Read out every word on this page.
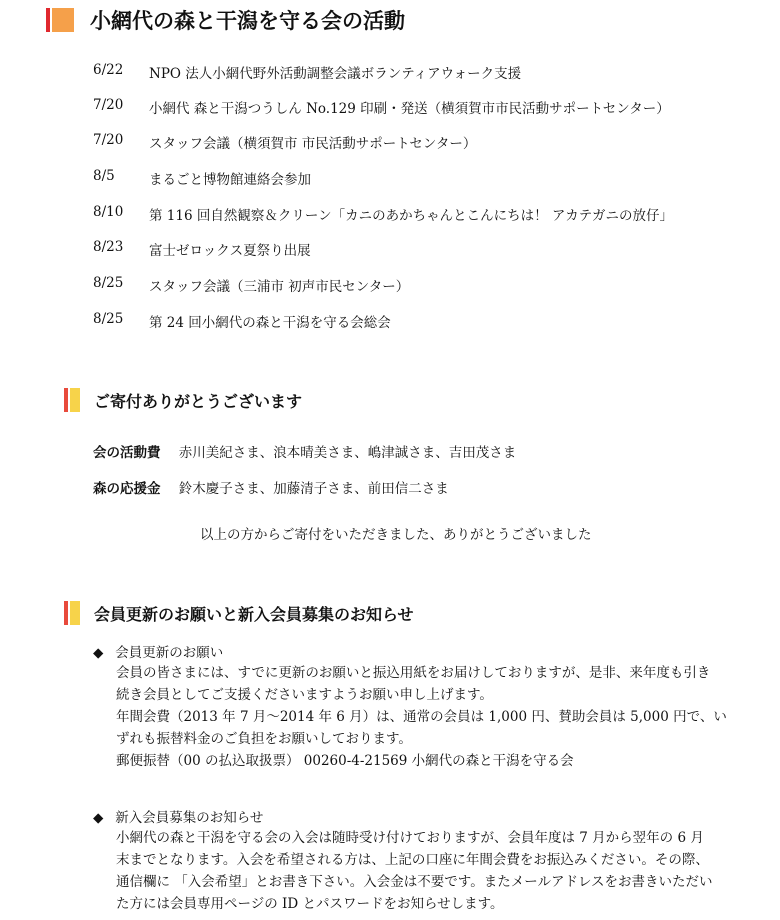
小網代の森と干潟を守る会の活動
6/22	NPO 法人小網代野外活動調整会議ボランティアウォーク支援
7/20	小網代 森と干潟つうしん No.129 印刷・発送（横須賀市市民活動サポートセンター）
7/20	スタッフ会議（横須賀市 市民活動サポートセンター）
8/5	まるごと博物館連絡会参加
8/10	第 116 回自然観察＆クリーン「カニのあかちゃんとこんにちは！ アカテガニの放仔」
8/23	富士ゼロックス夏祭り出展
8/25	スタッフ会議（三浦市 初声市民センター）
8/25	第 24 回小網代の森と干潟を守る会総会
ご寄付ありがとうございます
会の活動費 赤川美紀さま、浪本晴美さま、嶋津誠さま、吉田茂さま
森の応援金 鈴木慶子さま、加藤清子さま、前田信二さま
以上の方からご寄付をいただきました、ありがとうございました
会員更新のお願いと新入会員募集のお知らせ
◆ 会員更新のお願い

会員の皆さまには、すでに更新のお願いと振込用紙をお届けしておりますが、是非、来年度も引き

続き会員としてご支援くださいますようお願い申し上げます。

年間会費（2013 年 7 月～2014 年 6 月）は、通常の会員は 1,000 円、賛助会員は 5,000 円で、い

ずれも振替料金のご負担をお願いしております。

郵便振替（00 の払込取扱票） 00260-4-21569 小網代の森と干潟を守る会

◆ 新入会員募集のお知らせ

小網代の森と干潟を守る会の入会は随時受け付けておりますが、会員年度は 7 月から翌年の 6 月

末までとなります。入会を希望される方は、上記の口座に年間会費をお振込みください。その際、

通信欄に 「入会希望」とお書き下さい。入会金は不要です。またメールアドレスをお書きいただい

た方には会員専用ページの ID とパスワードをお知らせします。
